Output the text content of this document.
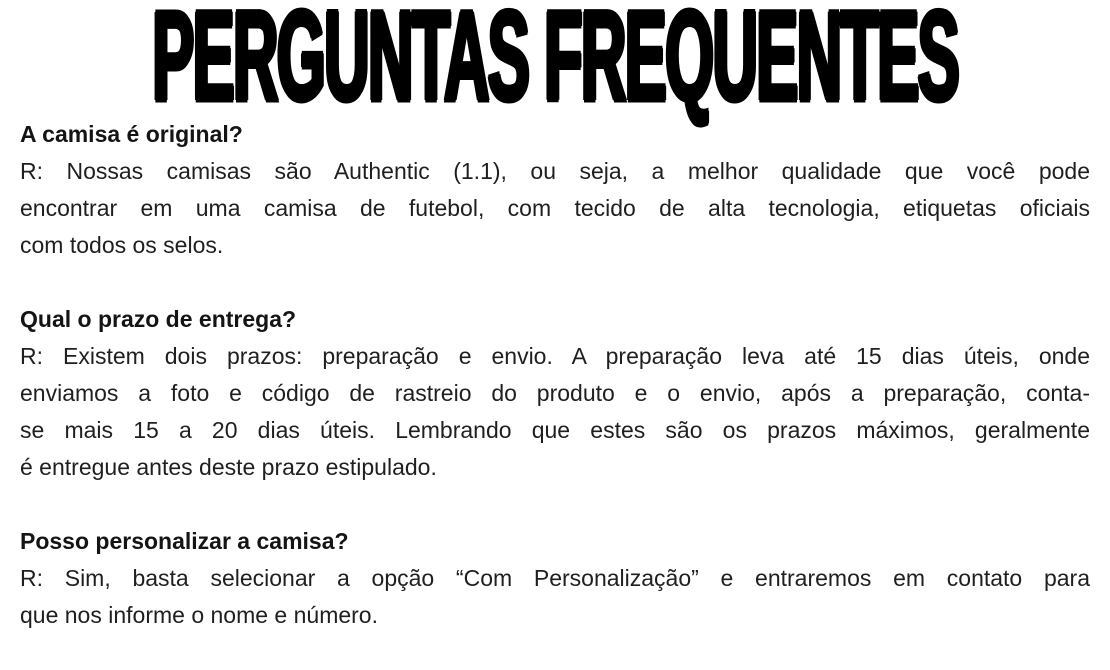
PERGUNTAS FREQUENTES
A camisa é original?
R: Nossas camisas são Authentic (1.1), ou seja, a melhor qualidade que você pode
encontrar em uma camisa de futebol, com tecido de alta tecnologia, etiquetas oficiais
com todos os selos.
Qual o prazo de entrega?
R: Existem dois prazos: preparação e envio. A preparação leva até 15 dias úteis, onde
enviamos a foto e código de rastreio do produto e o envio, após a preparação, conta-
se mais 15 a 20 dias úteis. Lembrando que estes são os prazos máximos, geralmente
é entregue antes deste prazo estipulado.
Posso personalizar a camisa?
R: Sim, basta selecionar a opção “Com Personalização” e entraremos em contato para
que nos informe o nome e número.
